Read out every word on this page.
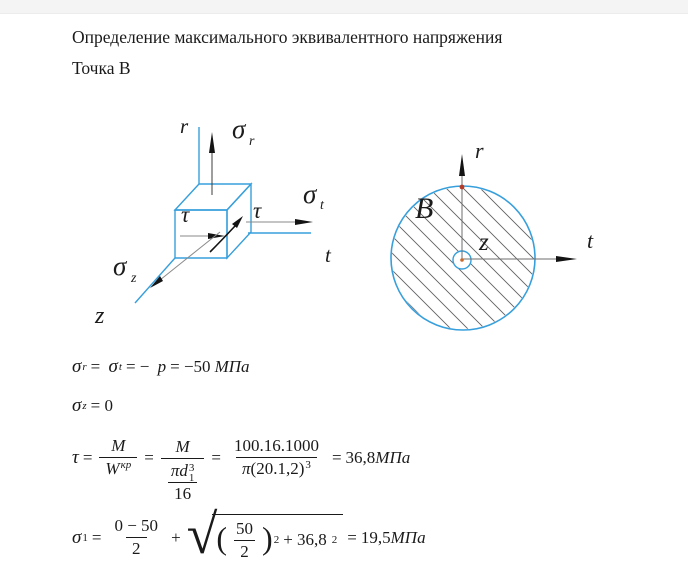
Определение максимального эквивалентного напряжения
Точка B
r σ r
τ	τ
σ t
t
σ z
z
B
r
t
z
σ r = σ t = − p = −50 МПа
σ z = 0
$\tau = \frac{M}{\text{W кр}} = M$
πd 3
1
$16 = \frac{100.16.1000}{\pi (20.1,2) 3} = 36,8$ МПа
σ $1 = \frac{0 - 50}{2}$ + √ ( $\frac{50}{2}$ ) 2 + 36,8 2 = 19,5 МПа
